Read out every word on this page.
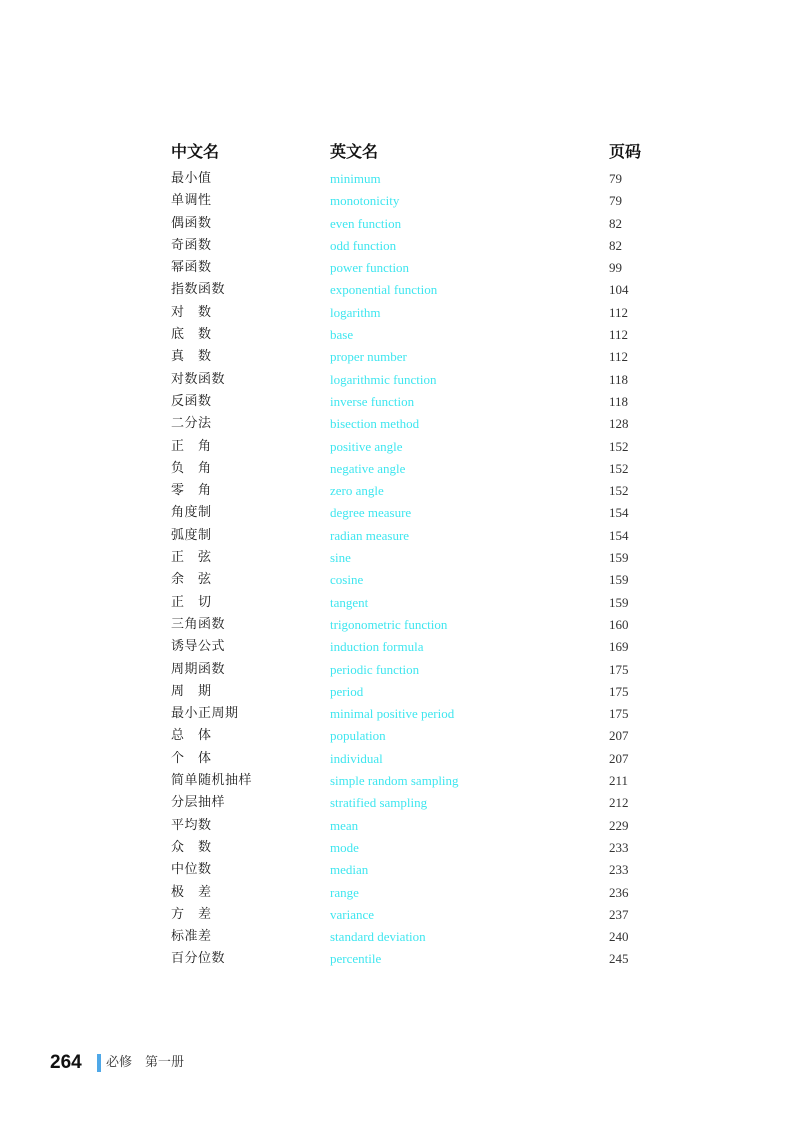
中文名	英文名	页码
最小值	minimum	79
单调性	monotonicity	79
偶函数	even function	82
奇函数	odd function	82
幂函数	power function	99
指数函数	exponential function	104
对　数	logarithm	112
底　数	base	112
真　数	proper number	112
对数函数	logarithmic function	118
反函数	inverse function	118
二分法	bisection method	128
正　角	positive angle	152
负　角	negative angle	152
零　角	zero angle	152
角度制	degree measure	154
弧度制	radian measure	154
正　弦	sine	159
余　弦	cosine	159
正　切	tangent	159
三角函数	trigonometric function	160
诱导公式	induction formula	169
周期函数	periodic function	175
周　期	period	175
最小正周期	minimal positive period	175
总　体	population	207
个　体	individual	207
简单随机抽样	simple random sampling	211
分层抽样	stratified sampling	212
平均数	mean	229
众　数	mode	233
中位数	median	233
极　差	range	236
方　差	variance	237
标准差	standard deviation	240
百分位数	percentile	245
264 必修　第一册
